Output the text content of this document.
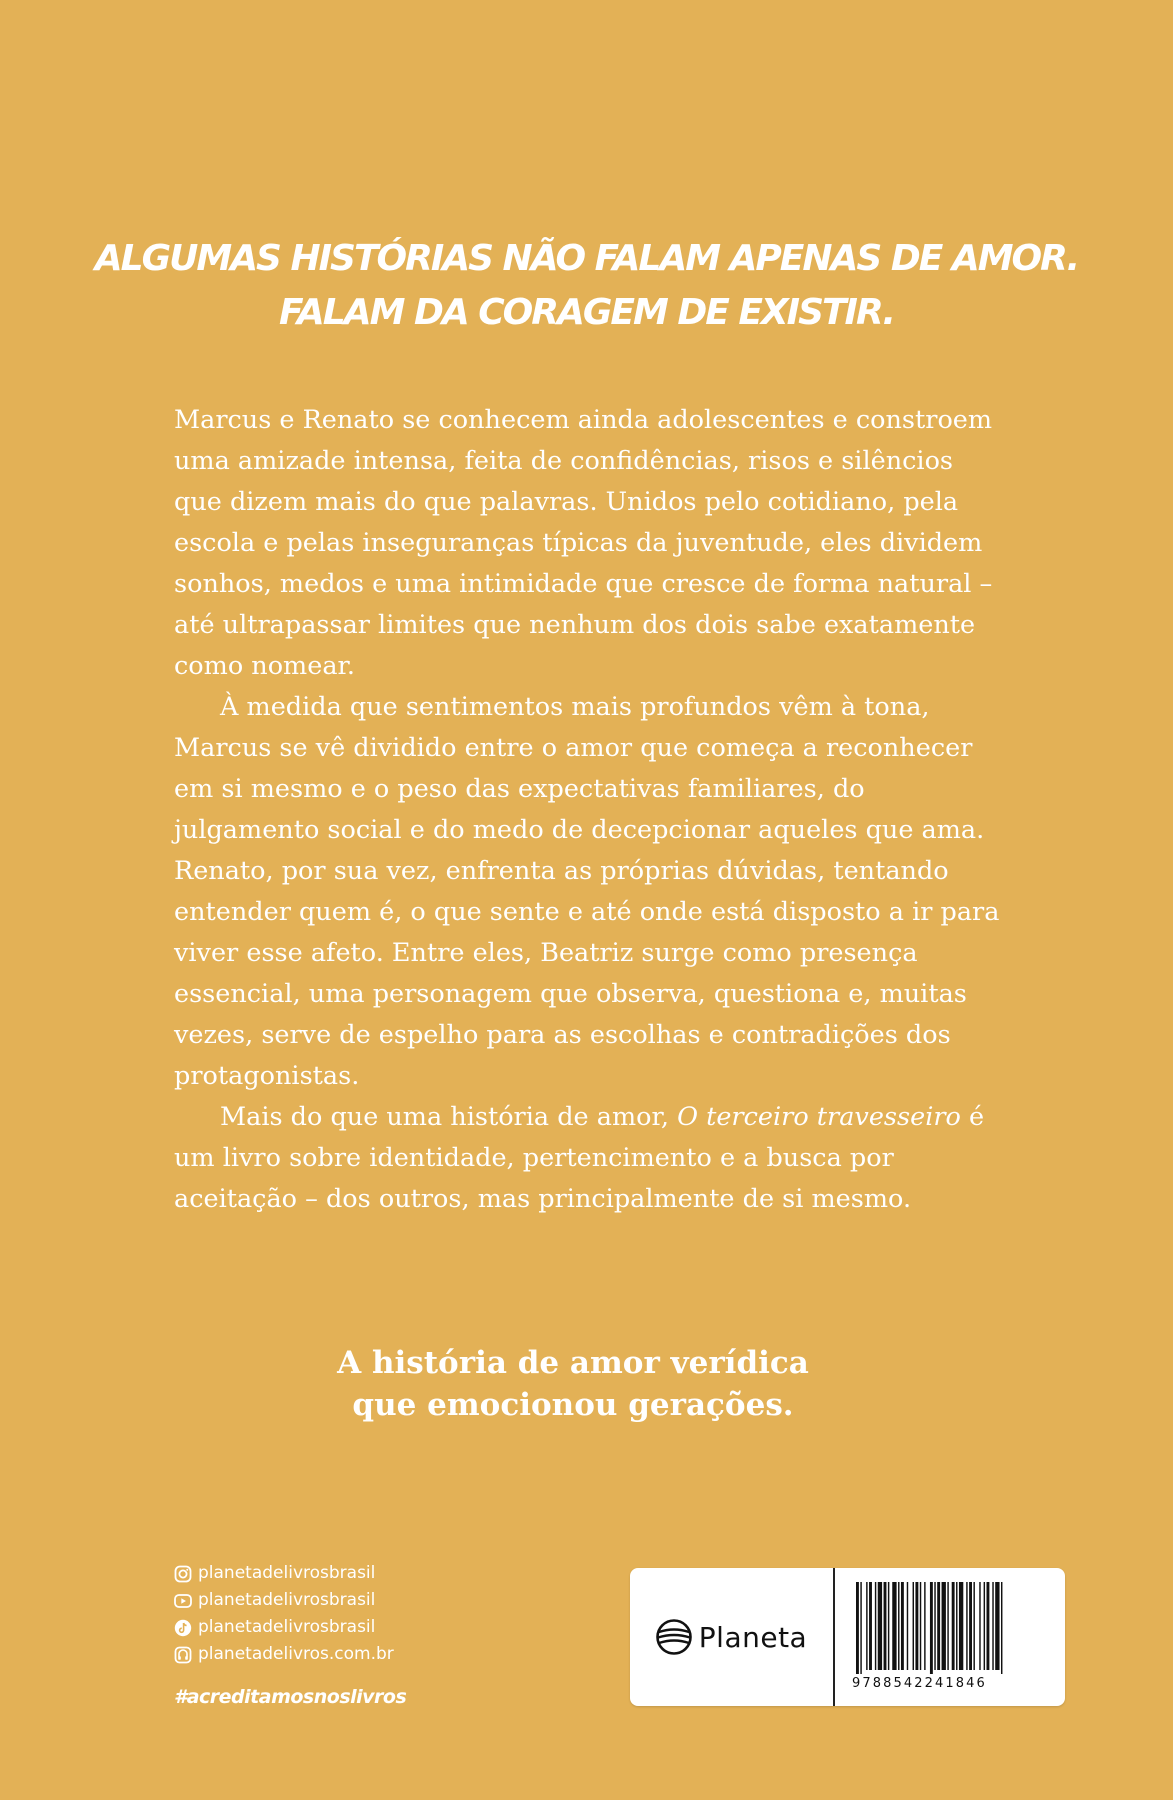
ALGUMAS HISTÓRIAS NÃO FALAM APENAS DE AMOR.
FALAM DA CORAGEM DE EXISTIR.

Marcus e Renato se conhecem ainda adolescentes e constroem uma amizade intensa, feita de confidências, risos e silêncios que dizem mais do que palavras. Unidos pelo cotidiano, pela escola e pelas inseguranças típicas da juventude, eles dividem sonhos, medos e uma intimidade que cresce de forma natural – até ultrapassar limites que nenhum dos dois sabe exatamente como nomear.

À medida que sentimentos mais profundos vêm à tona, Marcus se vê dividido entre o amor que começa a reconhecer em si mesmo e o peso das expectativas familiares, do julgamento social e do medo de decepcionar aqueles que ama. Renato, por sua vez, enfrenta as próprias dúvidas, tentando entender quem é, o que sente e até onde está disposto a ir para viver esse afeto. Entre eles, Beatriz surge como presença essencial, uma personagem que observa, questiona e, muitas vezes, serve de espelho para as escolhas e contradições dos protagonistas.

Mais do que uma história de amor, O terceiro travesseiro é um livro sobre identidade, pertencimento e a busca por aceitação – dos outros, mas principalmente de si mesmo.

A história de amor verídica
que emocionou gerações.
planetadelivrosbrasil
planetadelivrosbrasil
planetadelivrosbrasil
planetadelivros.com.br
#acreditamosnoslivros
Planeta
9788542241846
